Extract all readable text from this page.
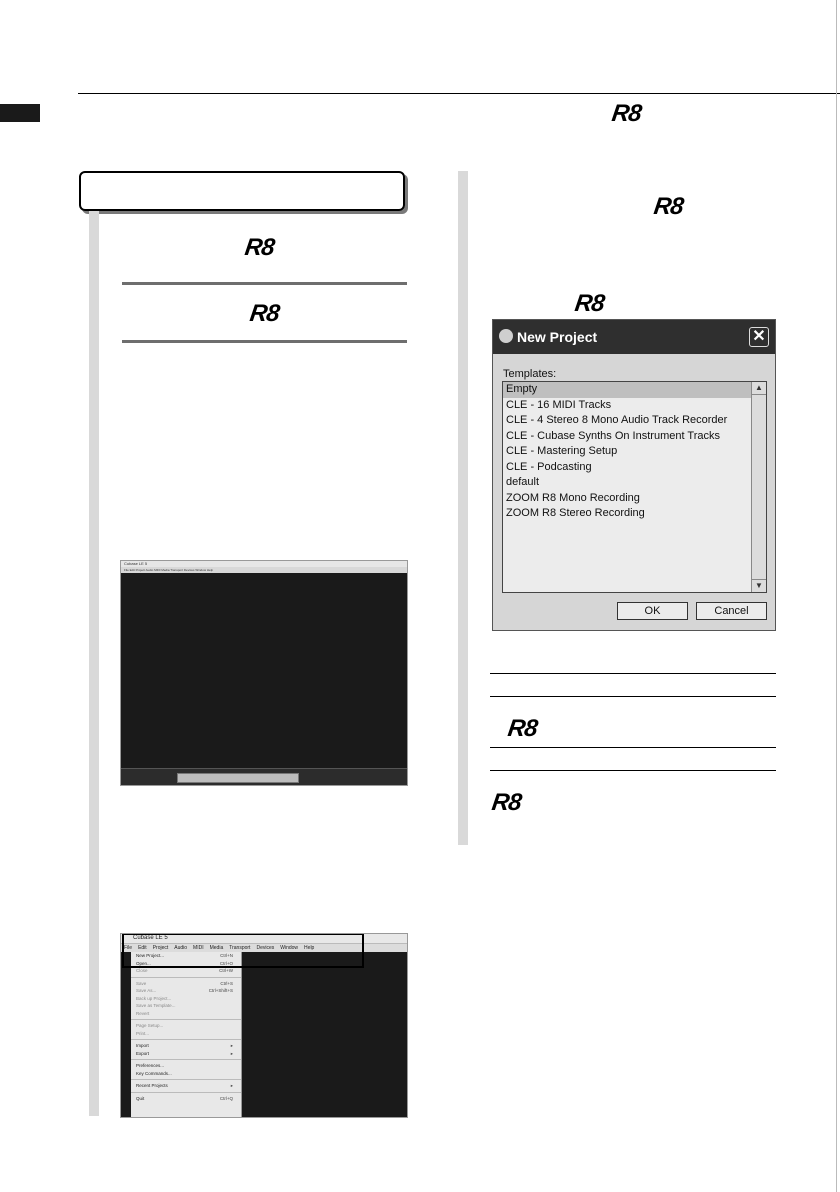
R8
R8
R8
Cubase LE 5
File Edit Project Audio MIDI Media Transport Devices Window Help
Cubase LE 5
File	Edit	Project	Audio	MIDI	Media	Transport	Devices	Window	Help
New Project...	Ctrl+N
Open...	Ctrl+O
Close	Ctrl+W
Save	Ctrl+S
Save As...	Ctrl+Shift+S
Back up Project...
Save as Template...
Revert
Page Setup...
Print...
Import	▸
Export	▸
Preferences...
Key Commands...
Recent Projects	▸
Quit	Ctrl+Q
R8
R8
New Project	✕
Templates:
Empty
CLE - 16 MIDI Tracks
CLE - 4 Stereo 8 Mono Audio Track Recorder
CLE - Cubase Synths On Instrument Tracks
CLE - Mastering Setup
CLE - Podcasting
default
ZOOM R8 Mono Recording
ZOOM R8 Stereo Recording
▲
▼
OK	Cancel
R8
R8
